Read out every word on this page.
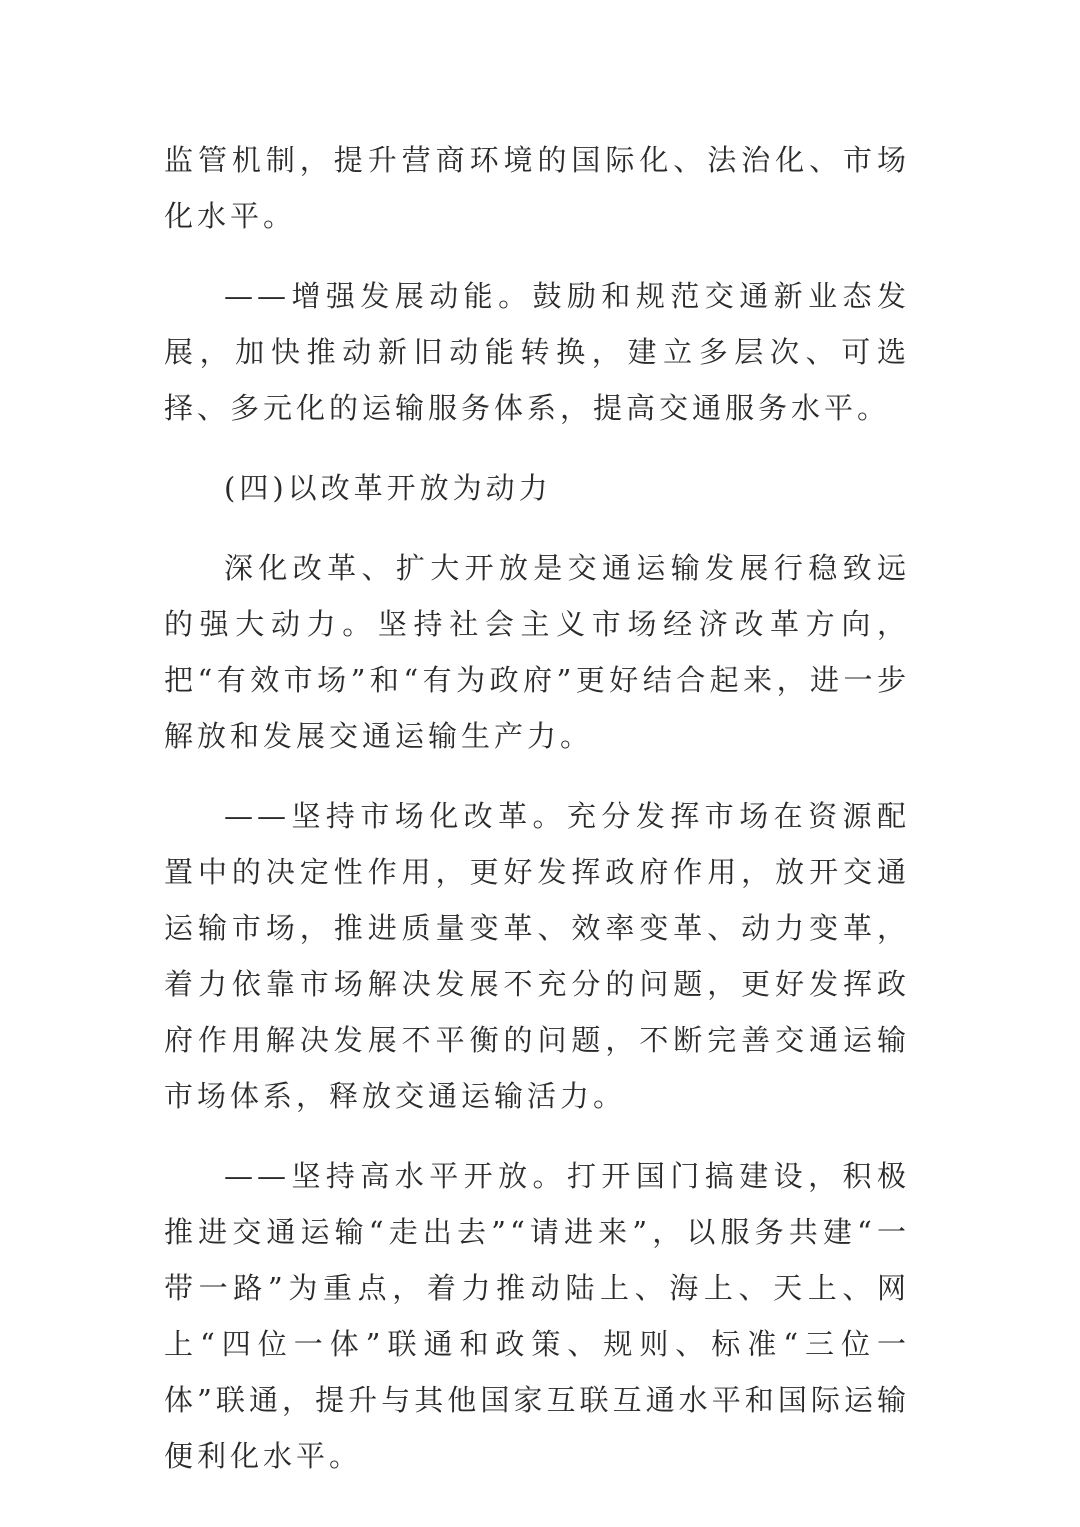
监管机制，提升营商环境的国际化、法治化、市场化水平。

——增强发展动能。鼓励和规范交通新业态发展，加快推动新旧动能转换，建立多层次、可选择、多元化的运输服务体系，提高交通服务水平。

(四)以改革开放为动力

深化改革、扩大开放是交通运输发展行稳致远的强大动力。坚持社会主义市场经济改革方向，把“有效市场”和“有为政府”更好结合起来，进一步解放和发展交通运输生产力。

——坚持市场化改革。充分发挥市场在资源配置中的决定性作用，更好发挥政府作用，放开交通运输市场，推进质量变革、效率变革、动力变革，着力依靠市场解决发展不充分的问题，更好发挥政府作用解决发展不平衡的问题，不断完善交通运输市场体系，释放交通运输活力。

——坚持高水平开放。打开国门搞建设，积极推进交通运输“走出去”“请进来”，以服务共建“一带一路”为重点，着力推动陆上、海上、天上、网上“四位一体”联通和政策、规则、标准“三位一体”联通，提升与其他国家互联互通水平和国际运输便利化水平。
